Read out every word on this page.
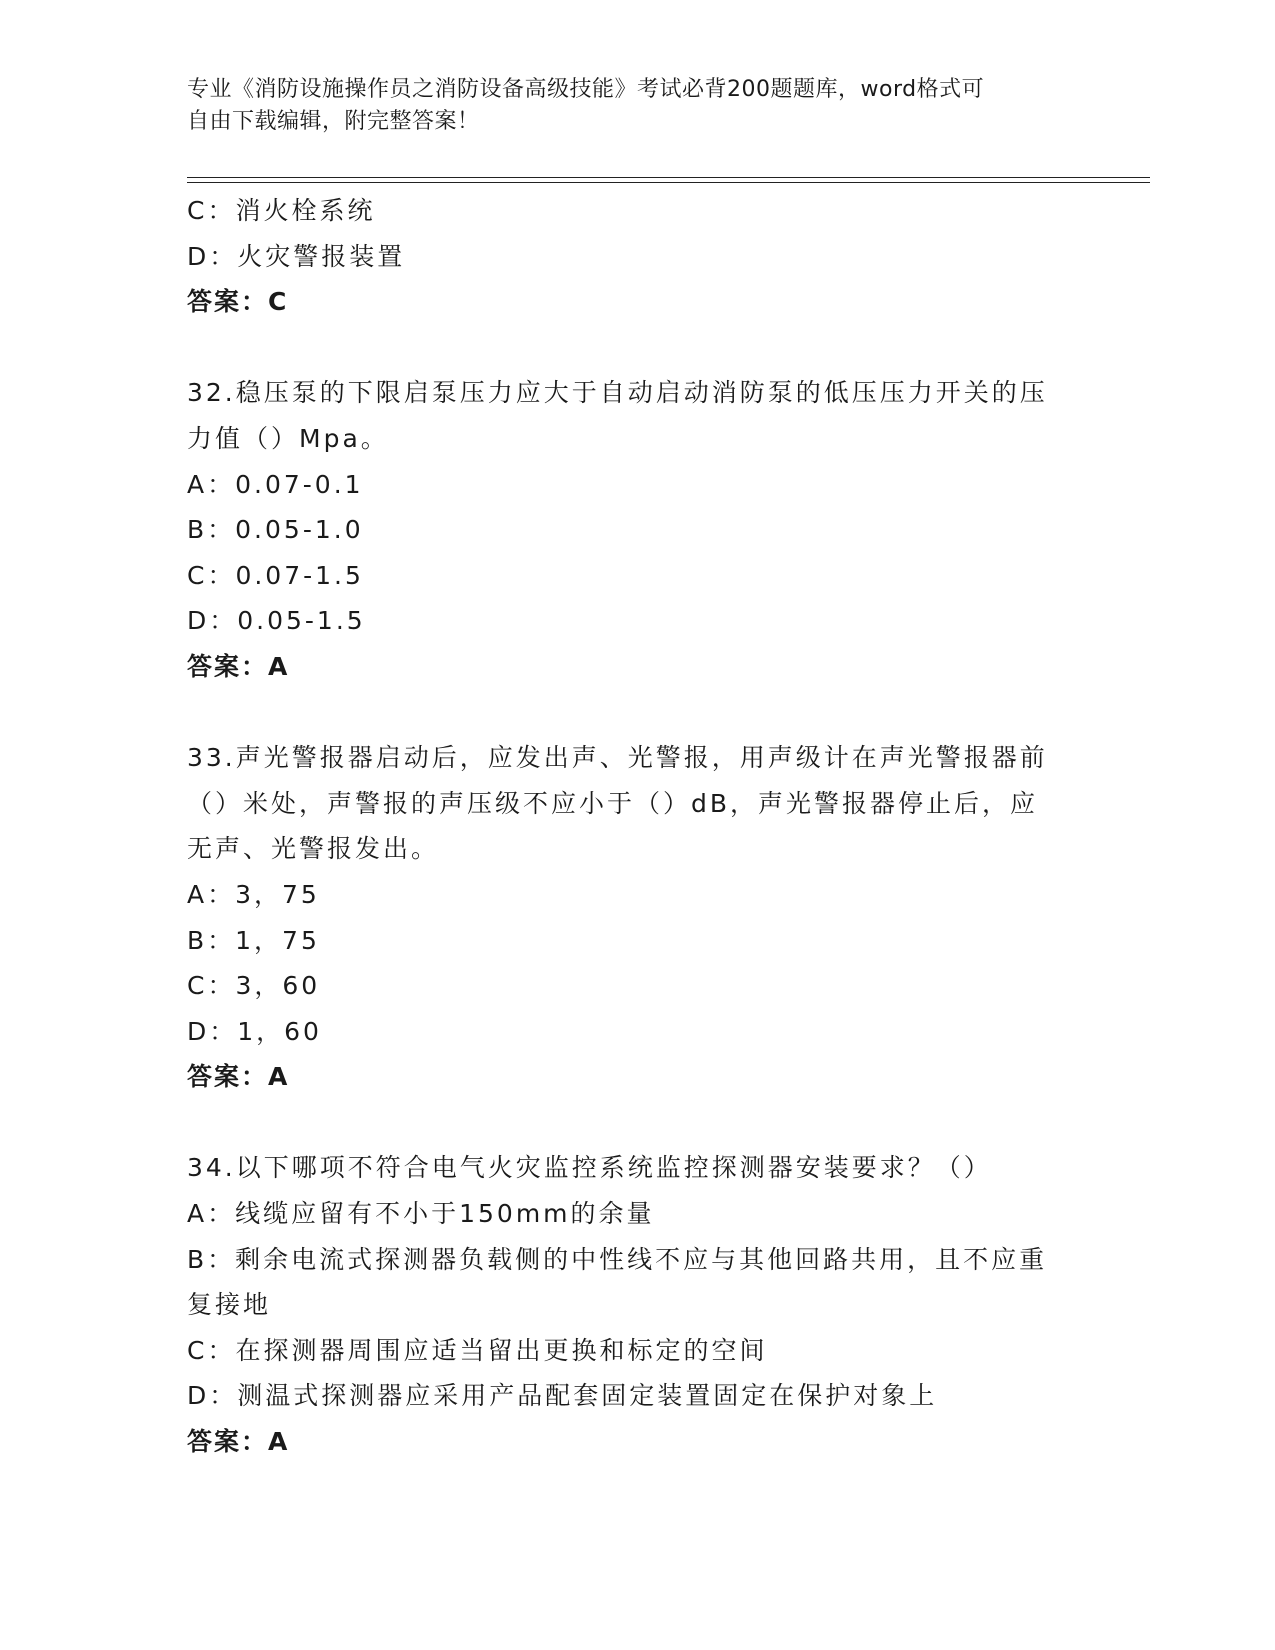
专业《消防设施操作员之消防设备高级技能》考试必背200题题库，word格式可
自由下载编辑，附完整答案！
C：消火栓系统
D：火灾警报装置
答案：C
32.稳压泵的下限启泵压力应大于自动启动消防泵的低压压力开关的压
力值（）Mpa。
A：0.07-0.1
B：0.05-1.0
C：0.07-1.5
D：0.05-1.5
答案：A
33.声光警报器启动后，应发出声、光警报，用声级计在声光警报器前
（）米处，声警报的声压级不应小于（）dB，声光警报器停止后，应
无声、光警报发出。
A：3，75
B：1，75
C：3，60
D：1，60
答案：A
34.以下哪项不符合电气火灾监控系统监控探测器安装要求？（）
A：线缆应留有不小于150mm的余量
B：剩余电流式探测器负载侧的中性线不应与其他回路共用，且不应重
复接地
C：在探测器周围应适当留出更换和标定的空间
D：测温式探测器应采用产品配套固定装置固定在保护对象上
答案：A
